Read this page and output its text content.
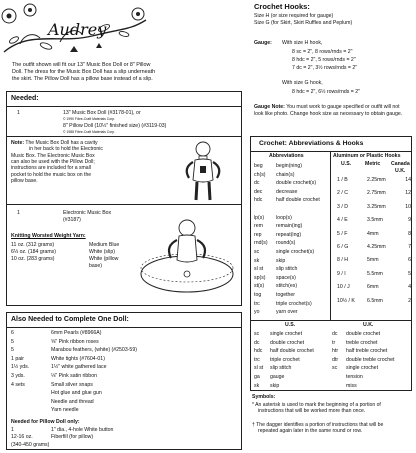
Audrey
The outfit shown will fit our 13" Music Box Doll or 8" Pillow
Doll. The dress for the Music Box Doll has a slip underneath
the skirt. The Pillow Doll has a pillow base instead of a slip.
Crochet Hooks:
Size H (or size required for gauge)
Size G (for Skirt, Skirt Ruffles and Peplum)
Gauge: With size H hook,
8 sc = 2", 8 rows/rnds = 2"
8 hdc = 2", 5 rows/rnds = 2"
7 dc = 2", 3½ rows/rnds = 2"
With size G hook,
8 hdc = 2", 6½ rows/rnds = 2"
Gauge Note: You must work to gauge specified or outfit will not
look like photo. Change hook size as necessary to obtain gauge.
Needed:
1	13" Music Box Doll (#3178-01), or
© 1990 Fibre-Craft Materials Corp.
8" Pillow Doll (10½" finished size) (#3119-03)
© 1988 Fibre-Craft Materials Corp.
Note: The Music Box Doll has a cavity
in her back to hold the Electronic
Music Box. The Electronic Music Box
can also be used with the Pillow Doll;
instructions are included for a small
pocket to hold the music box on the
pillow base.
1	Electronic Music Box
(#3187)
Knitting Worsted Weight Yarn:
11 oz. (312 grams)	Medium Blue
6⅓ oz. (184 grams)	White (slip)
10 oz. (283 grams)	White (pillow
base)
Also Needed to Complete One Doll:
6	6mm Pearls (#8966A)
5	⅝" Pink ribbon roses
5	Marabou feathers, (white) (#2503-59)
1 pair	White tights (#7604-01)
1½ yds.	1½" white gathered lace
3 yds.	⅛" Pink satin ribbon
4 sets	Small silver snaps
Hot glue and glue gun
Needle and thread
Yarn needle
Needed for Pillow Doll only:
1	1" dia., 4-hole White button
12-16 oz.	Fiberfill (for pillow)
(340-450 grams)
Crochet: Abbreviations & Hooks
Abbreviations	Aluminum or Plastic Hooks
U.S.	Metric Canada
U.K.
beg	begin(ning)
ch(s) chain(s)
dc	double crochet(s)
dec	decrease
hdc	half double crochet
lp(s) loop(s)
rem	remain(ing)
rep	repeat(ing)
rnd(s) round(s)
sc	single crochet(s)
sk	skip
sl st slip stitch
sp(s) space(s)
st(s) stitch(es)
tog	together
trc	triple crochet(s)
yo	yarn over
1 / B	2.25mm	14
2 / C	2.75mm	12
3 / D	3.25mm	10
4 / E	3.5mm	9
5 / F	4mm	8
6 / G	4.25mm	7
8 / H	5mm	6
9 / I	5.5mm	5
10 / J	6mm	4
10½ / K 6.5mm	2
U.S.	U.K.
sc single crochet	dc double crochet
dc double crochet	tr treble crochet
hdc half double crochet	htr half treble crochet
trc triple crochet	dtr double treble crochet
sl st slip stitch	sc single crochet
ga gauge	tension
sk skip	miss
Symbols:
* An asterisk is used to mark the beginning of a portion of
instructions that will be worked more than once.
† The dagger identifies a portion of instructions that will be
repeated again later in the same round or row.
